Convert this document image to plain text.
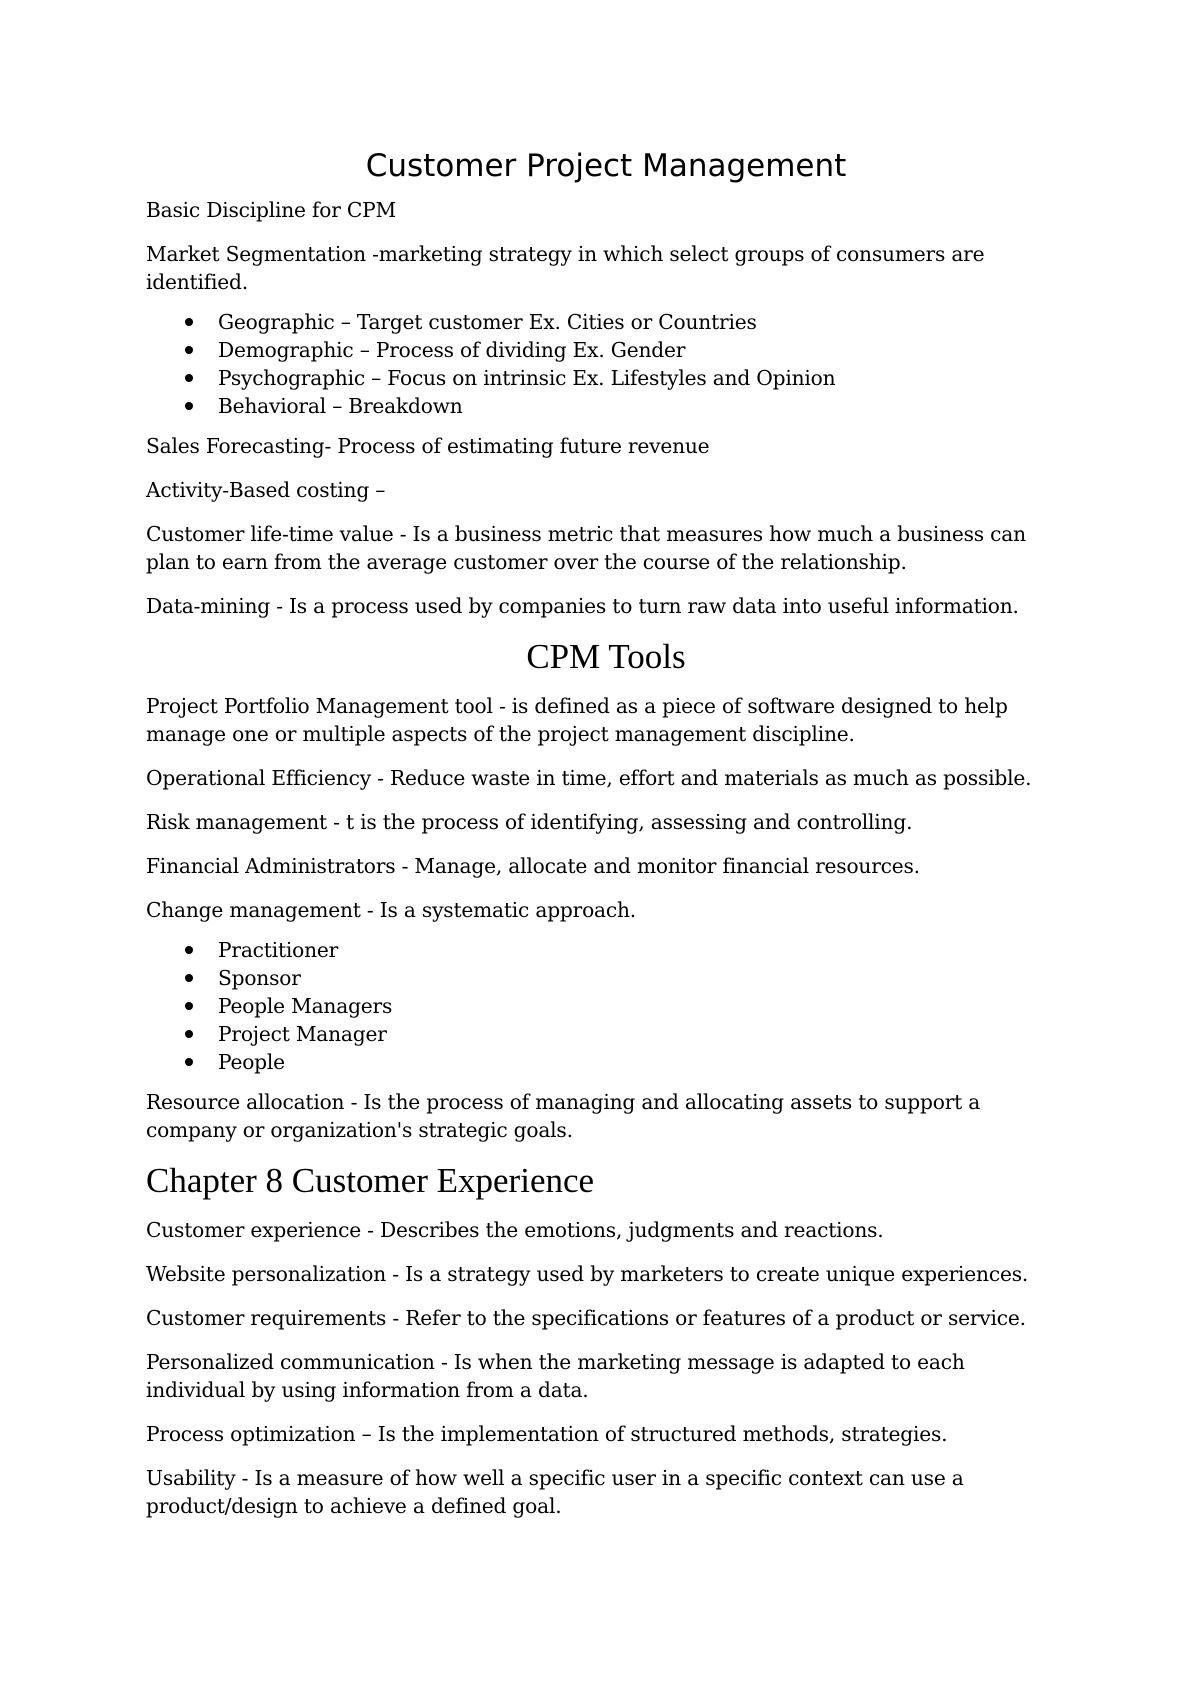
Customer Project Management

Basic Discipline for CPM

Market Segmentation -marketing strategy in which select groups of consumers are identified.

Geographic – Target customer Ex. Cities or Countries
Demographic – Process of dividing Ex. Gender
Psychographic – Focus on intrinsic Ex. Lifestyles and Opinion
Behavioral – Breakdown

Sales Forecasting- Process of estimating future revenue

Activity-Based costing –

Customer life-time value - Is a business metric that measures how much a business can plan to earn from the average customer over the course of the relationship.

Data-mining - Is a process used by companies to turn raw data into useful information.

CPM Tools

Project Portfolio Management tool - is defined as a piece of software designed to help manage one or multiple aspects of the project management discipline.

Operational Efficiency - Reduce waste in time, effort and materials as much as possible.

Risk management - t is the process of identifying, assessing and controlling.

Financial Administrators - Manage, allocate and monitor financial resources.

Change management - Is a systematic approach.

Practitioner
Sponsor
People Managers
Project Manager
People

Resource allocation - Is the process of managing and allocating assets to support a company or organization's strategic goals.

Chapter 8 Customer Experience

Customer experience - Describes the emotions, judgments and reactions.

Website personalization - Is a strategy used by marketers to create unique experiences.

Customer requirements - Refer to the specifications or features of a product or service.

Personalized communication - Is when the marketing message is adapted to each individual by using information from a data.

Process optimization – Is the implementation of structured methods, strategies.

Usability - Is a measure of how well a specific user in a specific context can use a product/design to achieve a defined goal.
